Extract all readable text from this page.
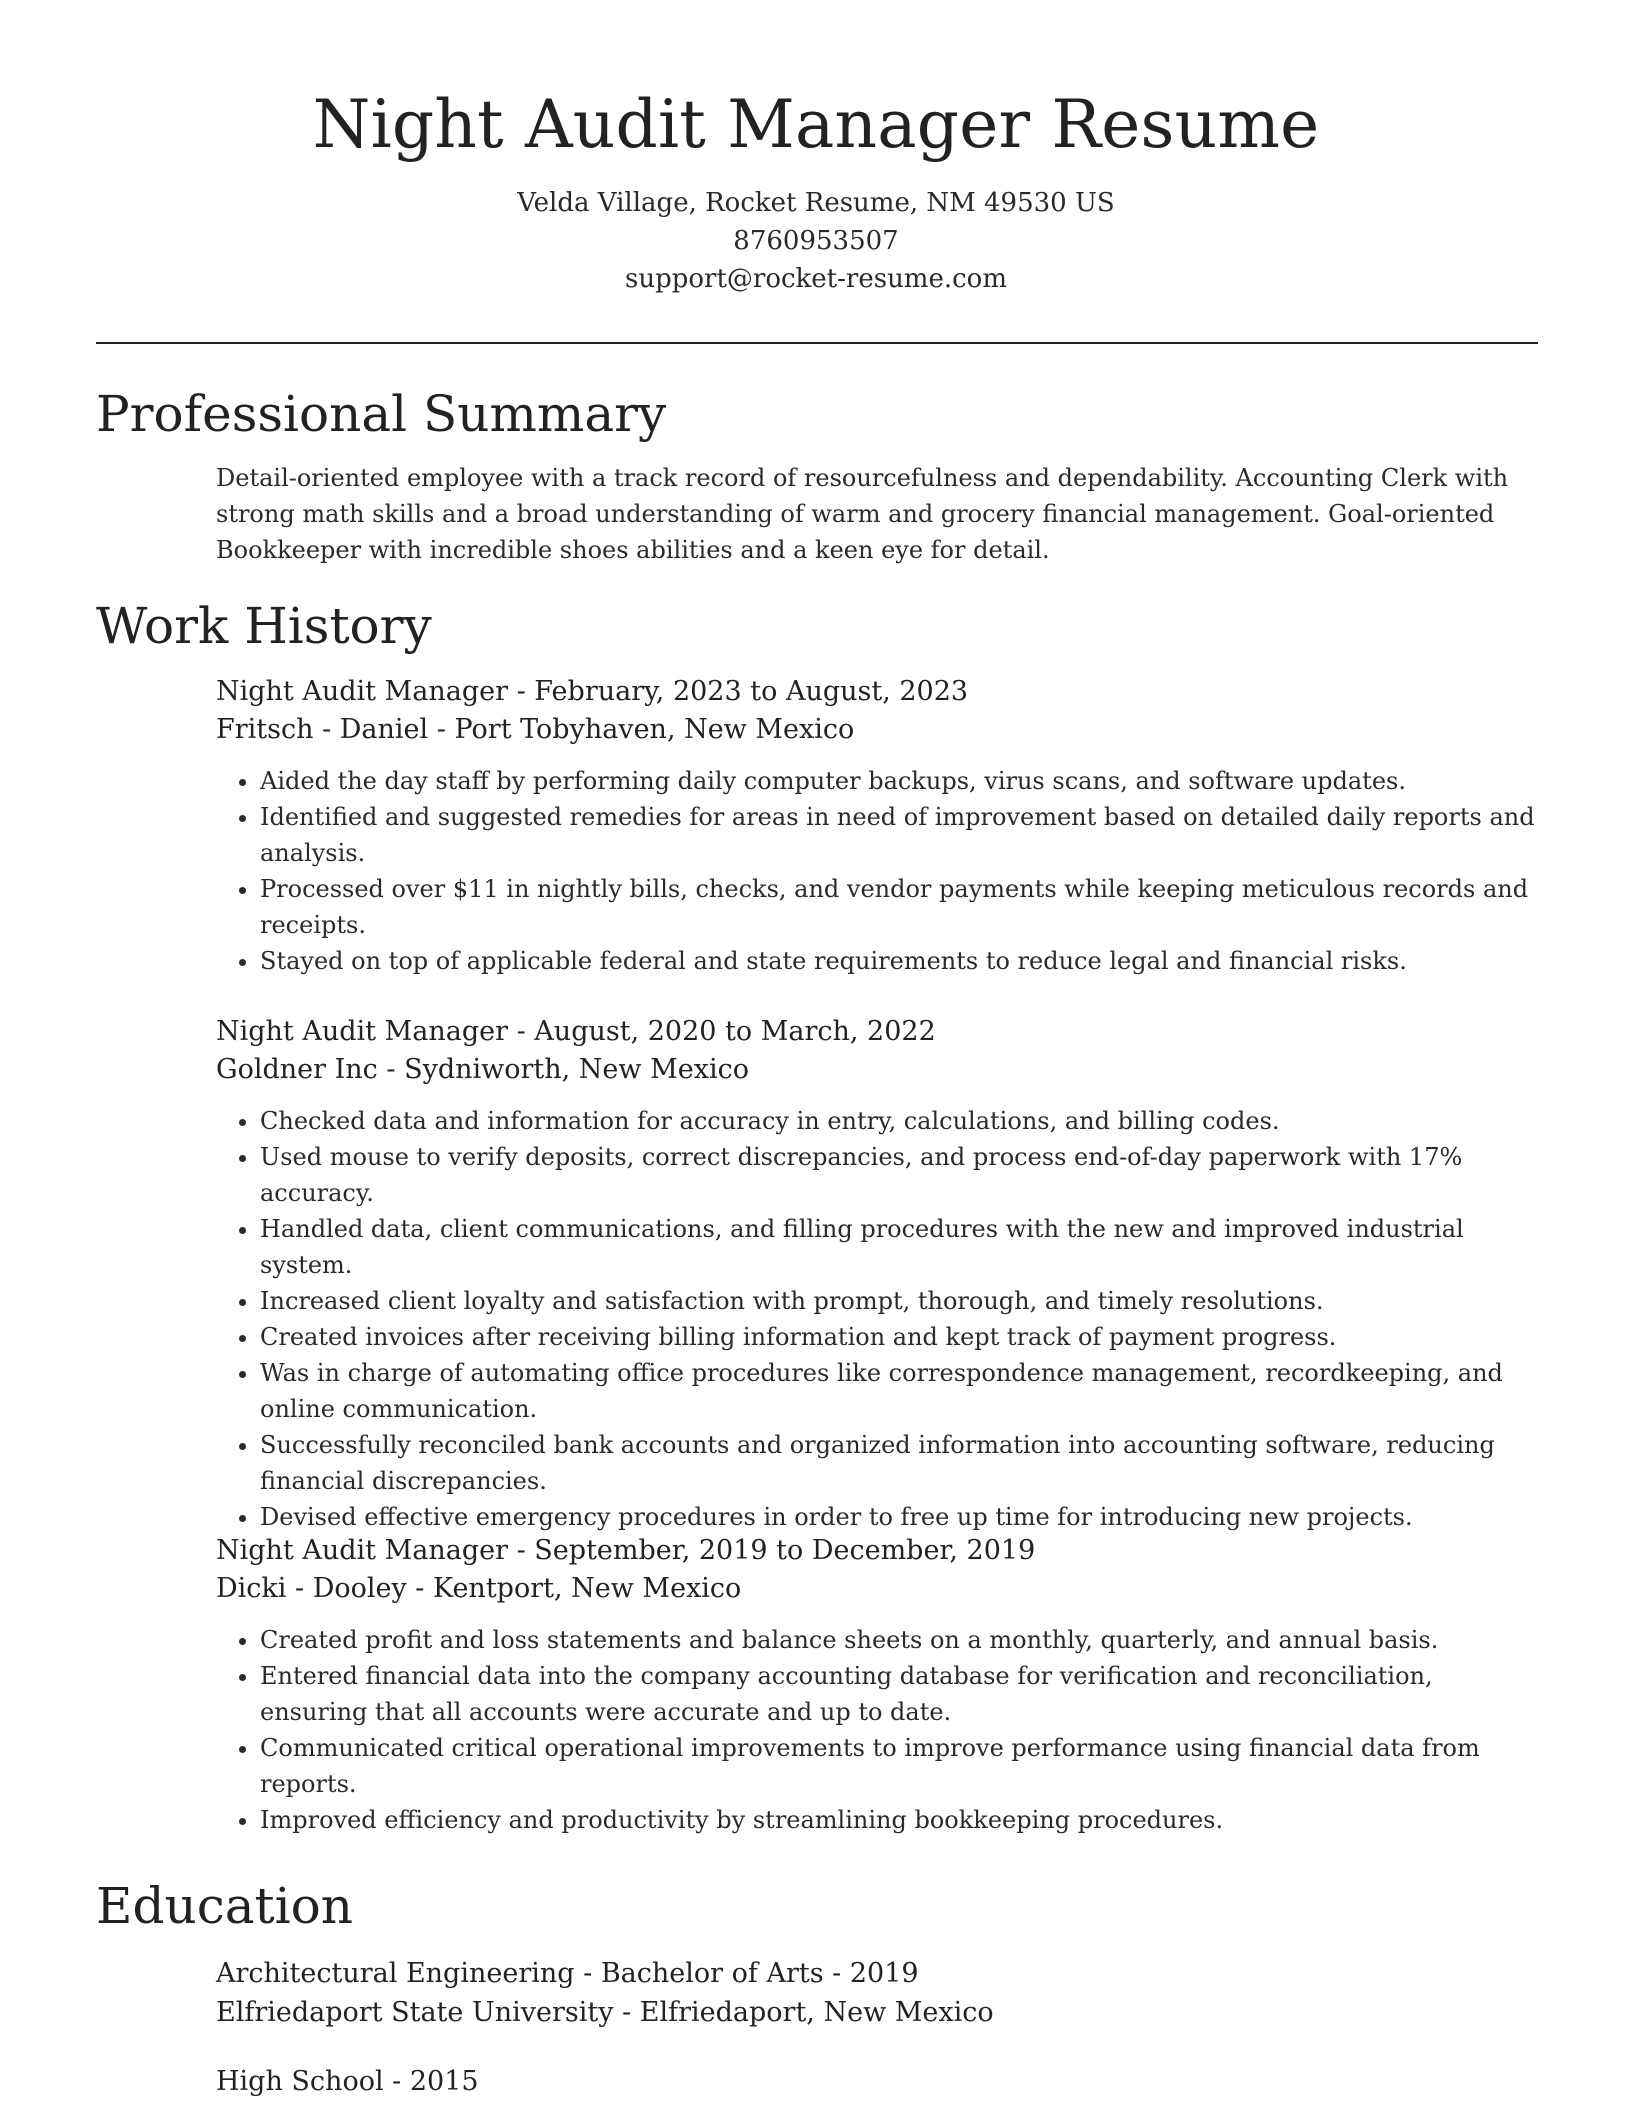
Night Audit Manager Resume
Velda Village, Rocket Resume, NM 49530 US
8760953507
support@rocket-resume.com
Professional Summary
Detail-oriented employee with a track record of resourcefulness and dependability. Accounting Clerk with strong math skills and a broad understanding of warm and grocery financial management. Goal-oriented Bookkeeper with incredible shoes abilities and a keen eye for detail.
Work History
Night Audit Manager - February, 2023 to August, 2023
Fritsch - Daniel - Port Tobyhaven, New Mexico
• Aided the day staff by performing daily computer backups, virus scans, and software updates.
• Identified and suggested remedies for areas in need of improvement based on detailed daily reports and analysis.
• Processed over $11 in nightly bills, checks, and vendor payments while keeping meticulous records and receipts.
• Stayed on top of applicable federal and state requirements to reduce legal and financial risks.
Night Audit Manager - August, 2020 to March, 2022
Goldner Inc - Sydniworth, New Mexico
• Checked data and information for accuracy in entry, calculations, and billing codes.
• Used mouse to verify deposits, correct discrepancies, and process end-of-day paperwork with 17% accuracy.
• Handled data, client communications, and filling procedures with the new and improved industrial system.
• Increased client loyalty and satisfaction with prompt, thorough, and timely resolutions.
• Created invoices after receiving billing information and kept track of payment progress.
• Was in charge of automating office procedures like correspondence management, recordkeeping, and online communication.
• Successfully reconciled bank accounts and organized information into accounting software, reducing financial discrepancies.
• Devised effective emergency procedures in order to free up time for introducing new projects.
Night Audit Manager - September, 2019 to December, 2019
Dicki - Dooley - Kentport, New Mexico
• Created profit and loss statements and balance sheets on a monthly, quarterly, and annual basis.
• Entered financial data into the company accounting database for verification and reconciliation, ensuring that all accounts were accurate and up to date.
• Communicated critical operational improvements to improve performance using financial data from reports.
• Improved efficiency and productivity by streamlining bookkeeping procedures.
Education
Architectural Engineering - Bachelor of Arts - 2019
Elfriedaport State University - Elfriedaport, New Mexico
High School - 2015
